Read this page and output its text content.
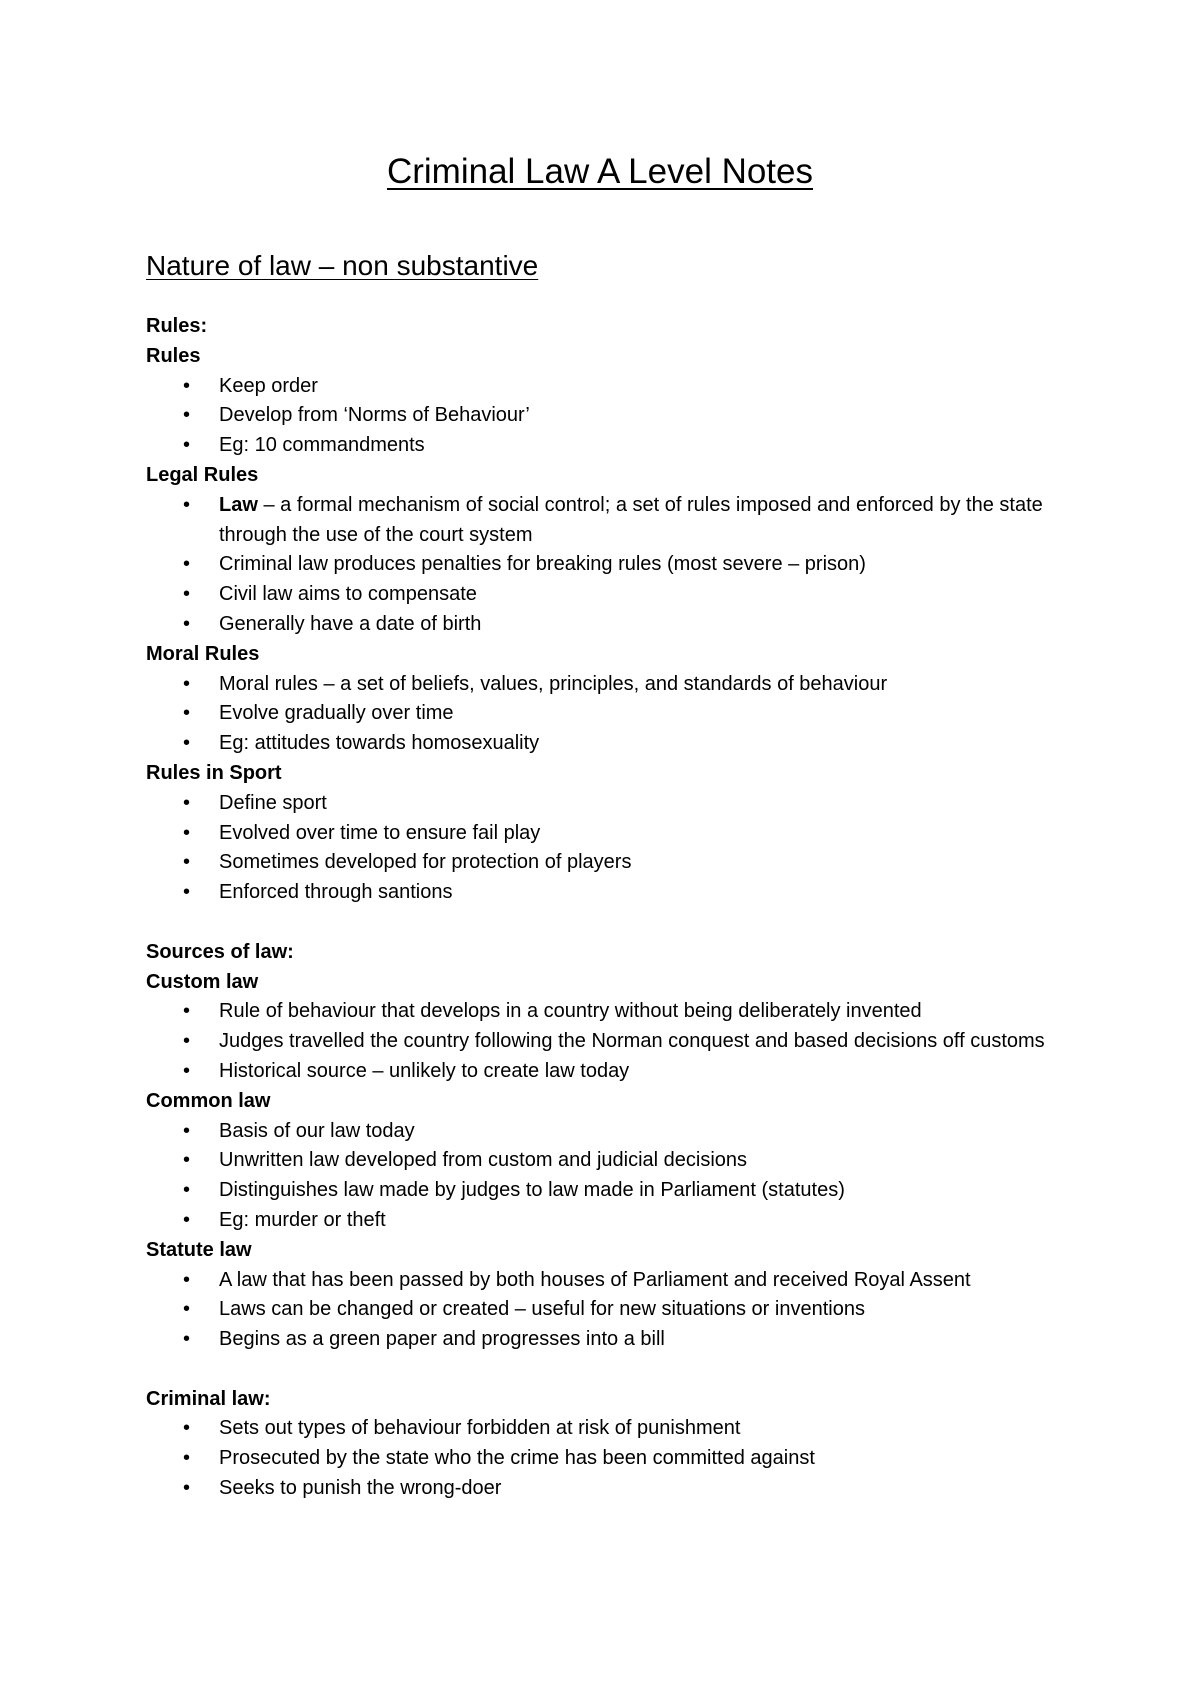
Criminal Law A Level Notes
Nature of law – non substantive

Rules:

Rules

• Keep order
• Develop from ‘Norms of Behaviour’
• Eg: 10 commandments

Legal Rules

• Law – a formal mechanism of social control; a set of rules imposed and enforced by the state through the use of the court system
• Criminal law produces penalties for breaking rules (most severe – prison)
• Civil law aims to compensate
• Generally have a date of birth

Moral Rules

• Moral rules – a set of beliefs, values, principles, and standards of behaviour
• Evolve gradually over time
• Eg: attitudes towards homosexuality

Rules in Sport

• Define sport
• Evolved over time to ensure fail play
• Sometimes developed for protection of players
• Enforced through santions

Sources of law:

Custom law

• Rule of behaviour that develops in a country without being deliberately invented
• Judges travelled the country following the Norman conquest and based decisions off customs
• Historical source – unlikely to create law today

Common law

• Basis of our law today
• Unwritten law developed from custom and judicial decisions
• Distinguishes law made by judges to law made in Parliament (statutes)
• Eg: murder or theft

Statute law

• A law that has been passed by both houses of Parliament and received Royal Assent
• Laws can be changed or created – useful for new situations or inventions
• Begins as a green paper and progresses into a bill

Criminal law:

• Sets out types of behaviour forbidden at risk of punishment
• Prosecuted by the state who the crime has been committed against
• Seeks to punish the wrong-doer
